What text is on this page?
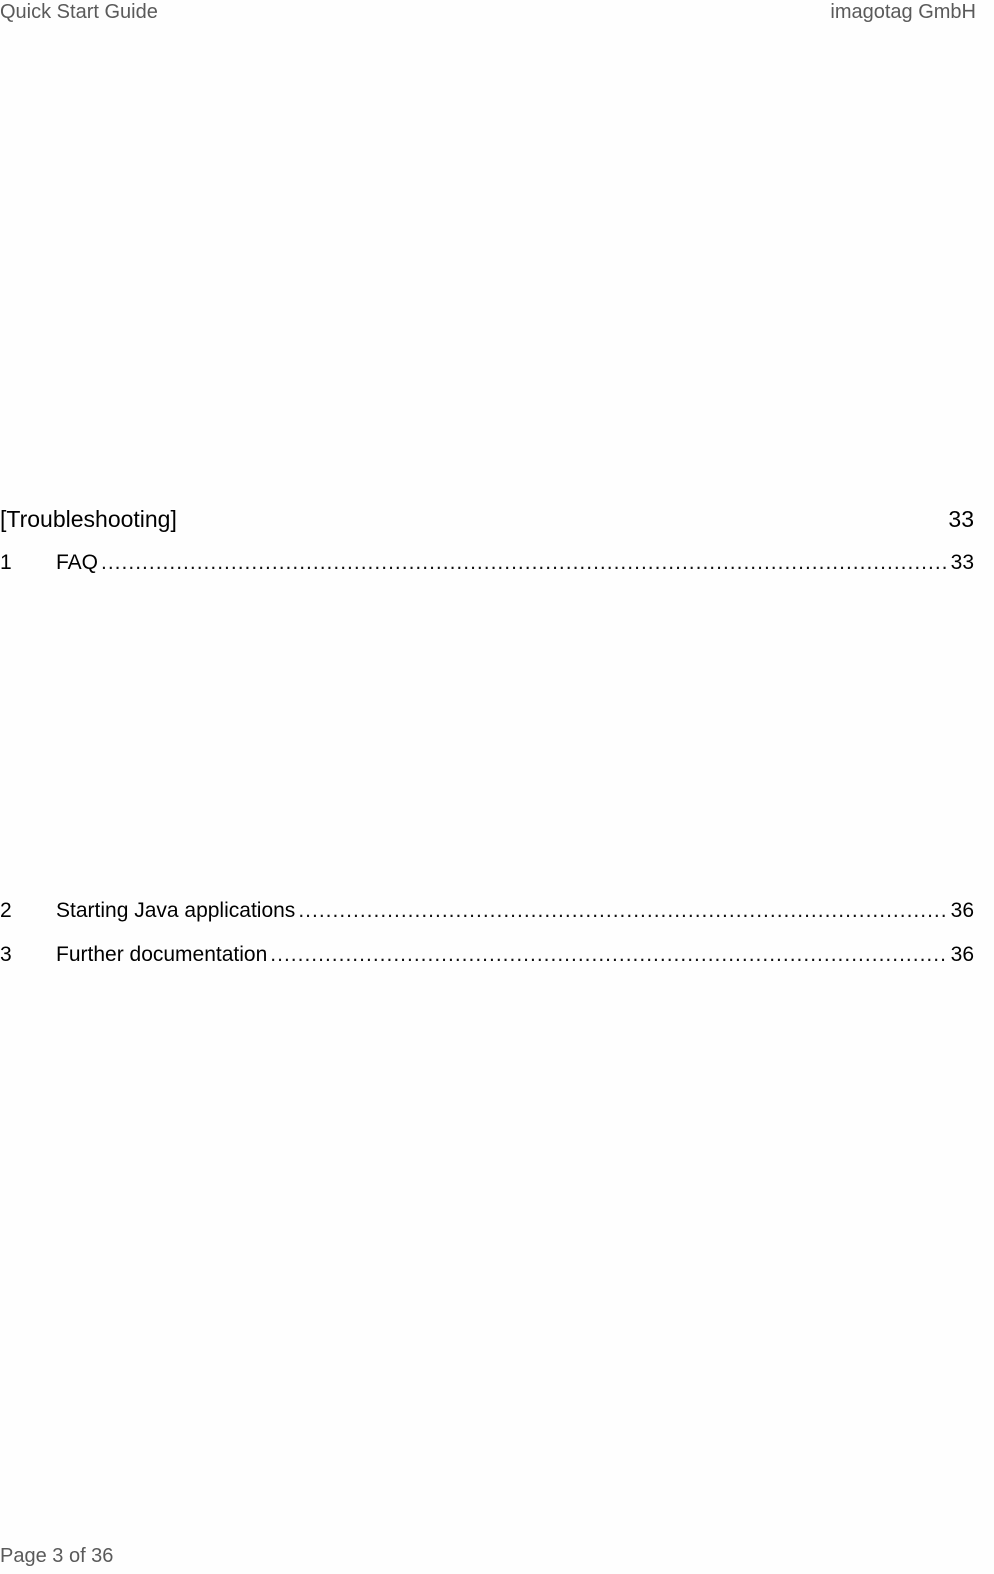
Quick Start Guide	imagotag GmbH
[Troubleshooting]	33
1	FAQ .....	33
2	Starting Java applications .....	36
3	Further documentation .....	36
Page 3 of 36
